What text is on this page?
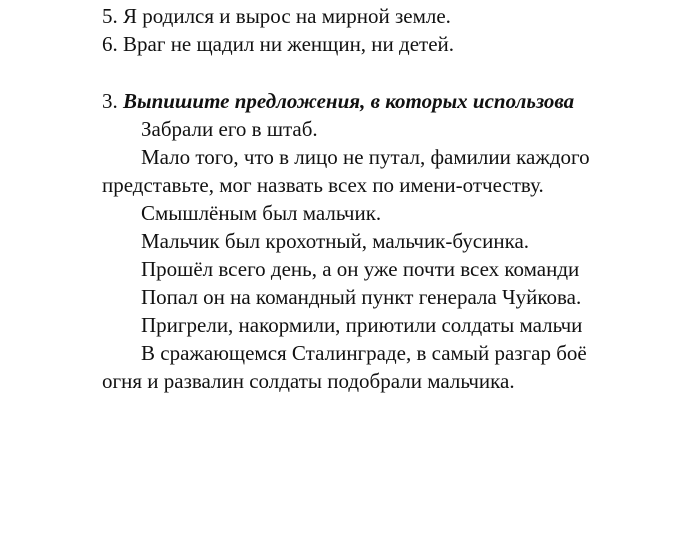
5. Я родился и вырос на мирной земле.
6. Враг не щадил ни женщин, ни детей.
3. Выпишите предложения, в которых использова
Забрали его в штаб.
Мало того, что в лицо не путал, фамилии каждого
представьте, мог назвать всех по имени-отчеству.
Смышлёным был мальчик.
Мальчик был крохотный, мальчик-бусинка.
Прошёл всего день, а он уже почти всех команди
Попал он на командный пункт генерала Чуйкова.
Пригрели, накормили, приютили солдаты мальчи
В сражающемся Сталинграде, в самый разгар боё
огня и развалин солдаты подобрали мальчика.
